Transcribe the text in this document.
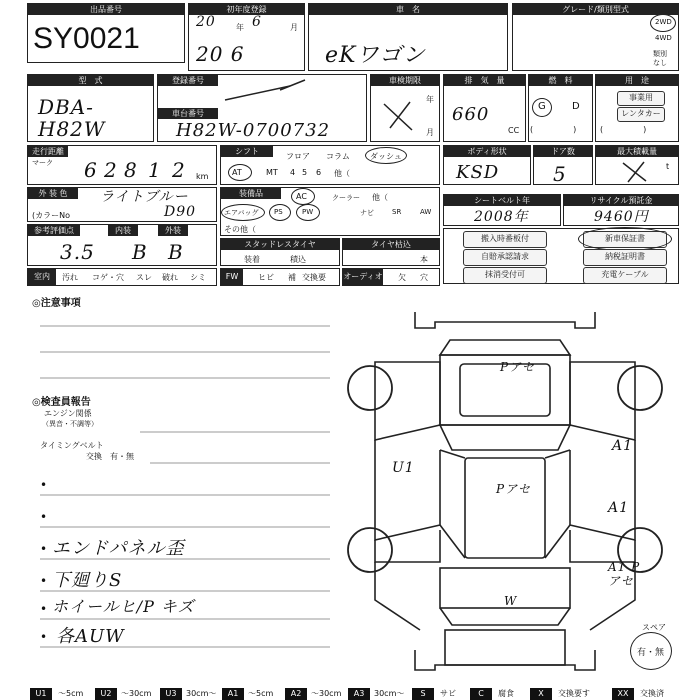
出品番号
SY0021
初年度登録
20	年 6	月
20 6
車　名
eKワゴン
グレード/類別型式
2WD
4WD
類別なし
型　式
DBA-H82W
登録番号
車台番号
H82W-0700732
車検期限
年
月
排　気　量
660
CC
燃　料
G	D
(　　　　　)
用　途
事業用
レンタカー
(　　　　　)
走行距離
マーク 6 2 8 1 2 km
シフト
フロア コラム	ダッシュ
AT	MT 4 5 6 他（
ボディ形状
KSD
ドア数
5
最大積載量
t
外 装 色	ライトブルー
(カラーNo	D90
装備品	AC	クーラー 他（
エアバッグ PS	PW	ナビ	SR	AW
その他（
シートベルト年
2008年
リサイクル預託金
9460円
参考評価点	内装	外装
3.5 B B	スタッドレスタイヤ
装着	積込
タイヤ枯込
本
搬入時番板付	新車保証書
自賠承認請求	納税証明書
抹消受付可	充電ケーブル
室内	汚れ コゲ・穴 スレ 破れ シミ	FW	ヒビ 補 交換要 オーディオ 欠 穴
◎注意事項
◎検査員報告
エンジン関係
（異音・不調等）
タイミングベルト
交換　有・無
•
•
•
•
•
•
エンドパネル歪
下廻りS
ホイールヒ/P キズ
各AUW
Pアセ
Pアセ
U1
A1
A1
A1 Pアセ
W
スペア
有・無
U1	～5cm	U2	～30cm	U3	30cm～	A1	～5cm	A2	～30cm	A3	30cm～	S	サビ	C	腐食	X	交換要す	XX	交換済
